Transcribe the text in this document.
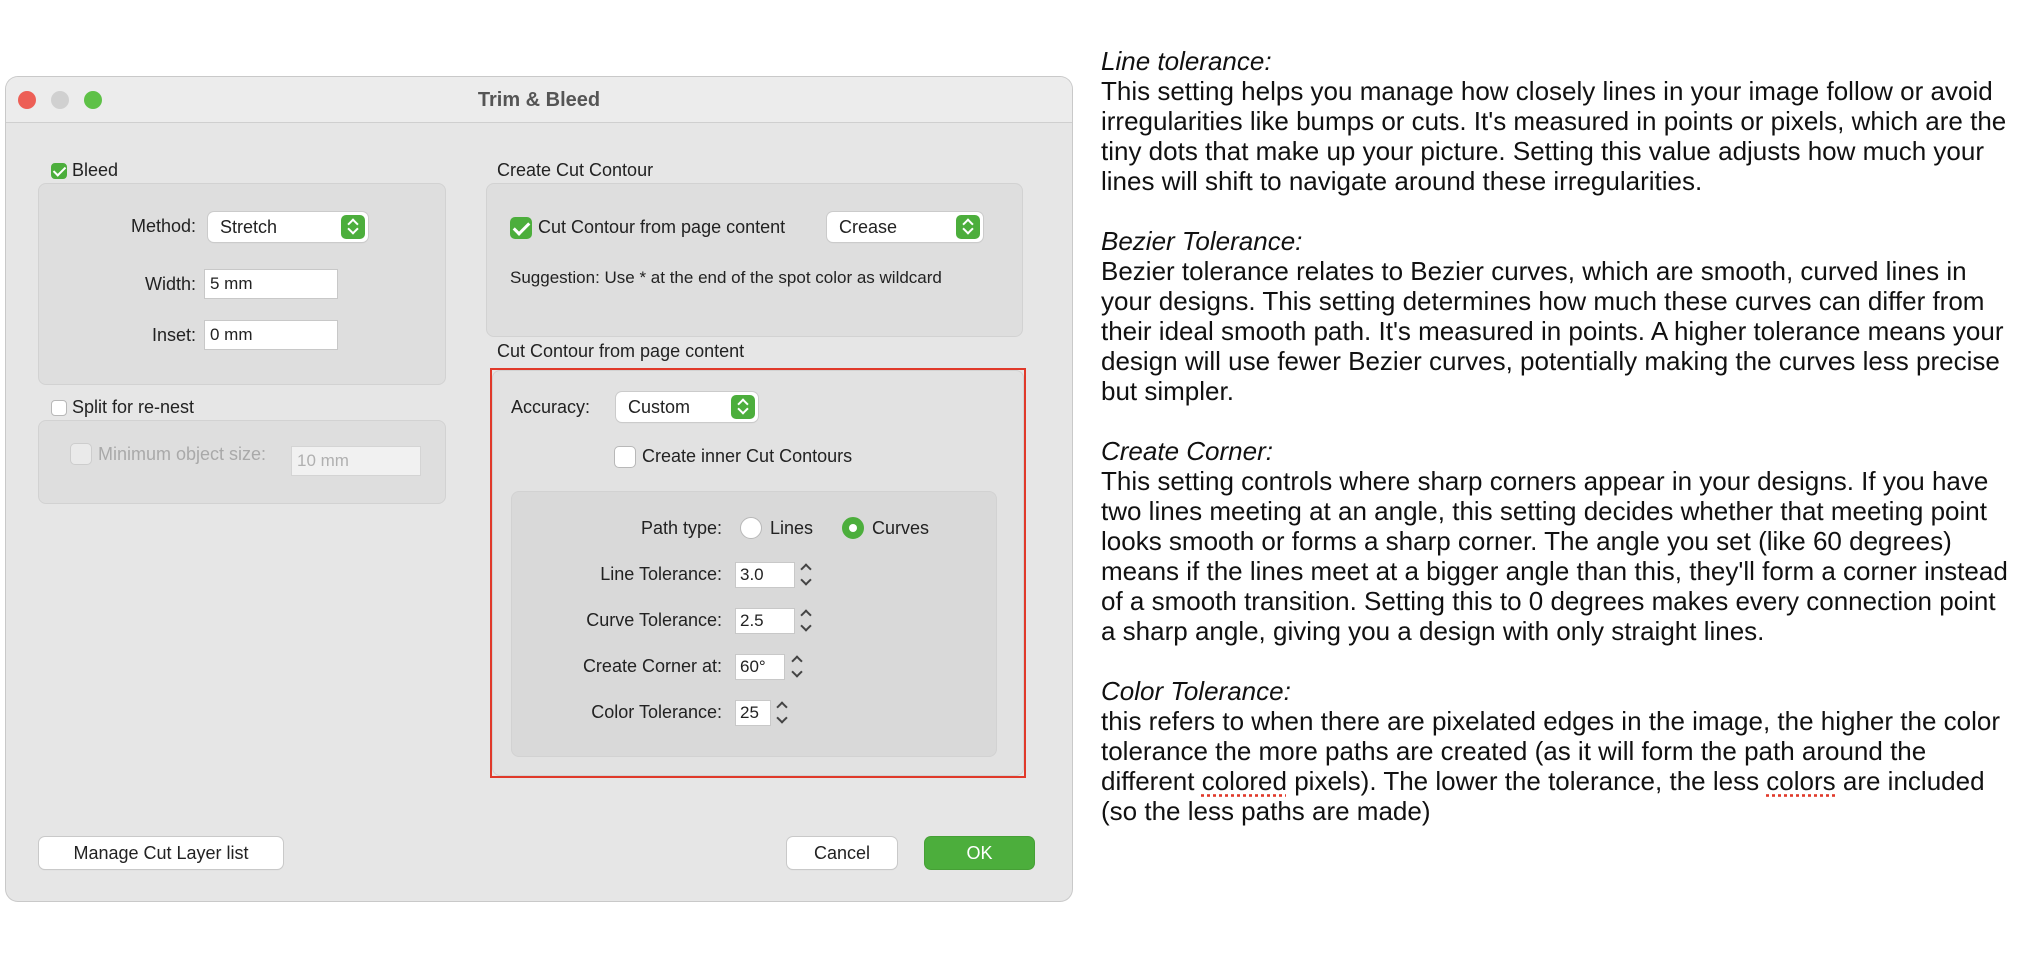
Trim & Bleed
Bleed
Method: Stretch
Width: 5 mm
Inset: 0 mm
Split for re-nest
Minimum object size:	10 mm
Create Cut Contour
Cut Contour from page content	Crease
Suggestion: Use * at the end of the spot color as wildcard
Cut Contour from page content
Accuracy: Custom
Create inner Cut Contours
Path type:	Lines	Curves
Line Tolerance: 3.0
Curve Tolerance: 2.5
Create Corner at: 60°
Color Tolerance: 25
Manage Cut Layer list	Cancel	OK
Line tolerance:
This setting helps you manage how closely lines in your image follow or avoid irregularities like bumps or cuts. It's measured in points or pixels, which are the tiny dots that make up your picture. Setting this value adjusts how much your lines will shift to navigate around these irregularities.
Bezier Tolerance:
Bezier tolerance relates to Bezier curves, which are smooth, curved lines in your designs. This setting determines how much these curves can differ from their ideal smooth path. It's measured in points. A higher tolerance means your design will use fewer Bezier curves, potentially making the curves less precise but simpler.
Create Corner:
This setting controls where sharp corners appear in your designs. If you have two lines meeting at an angle, this setting decides whether that meeting point looks smooth or forms a sharp corner. The angle you set (like 60 degrees) means if the lines meet at a bigger angle than this, they'll form a corner instead of a smooth transition. Setting this to 0 degrees makes every connection point a sharp angle, giving you a design with only straight lines.
Color Tolerance:
this refers to when there are pixelated edges in the image, the higher the color tolerance the more paths are created (as it will form the path around the different colored pixels). The lower the tolerance, the less colors are included (so the less paths are made)
